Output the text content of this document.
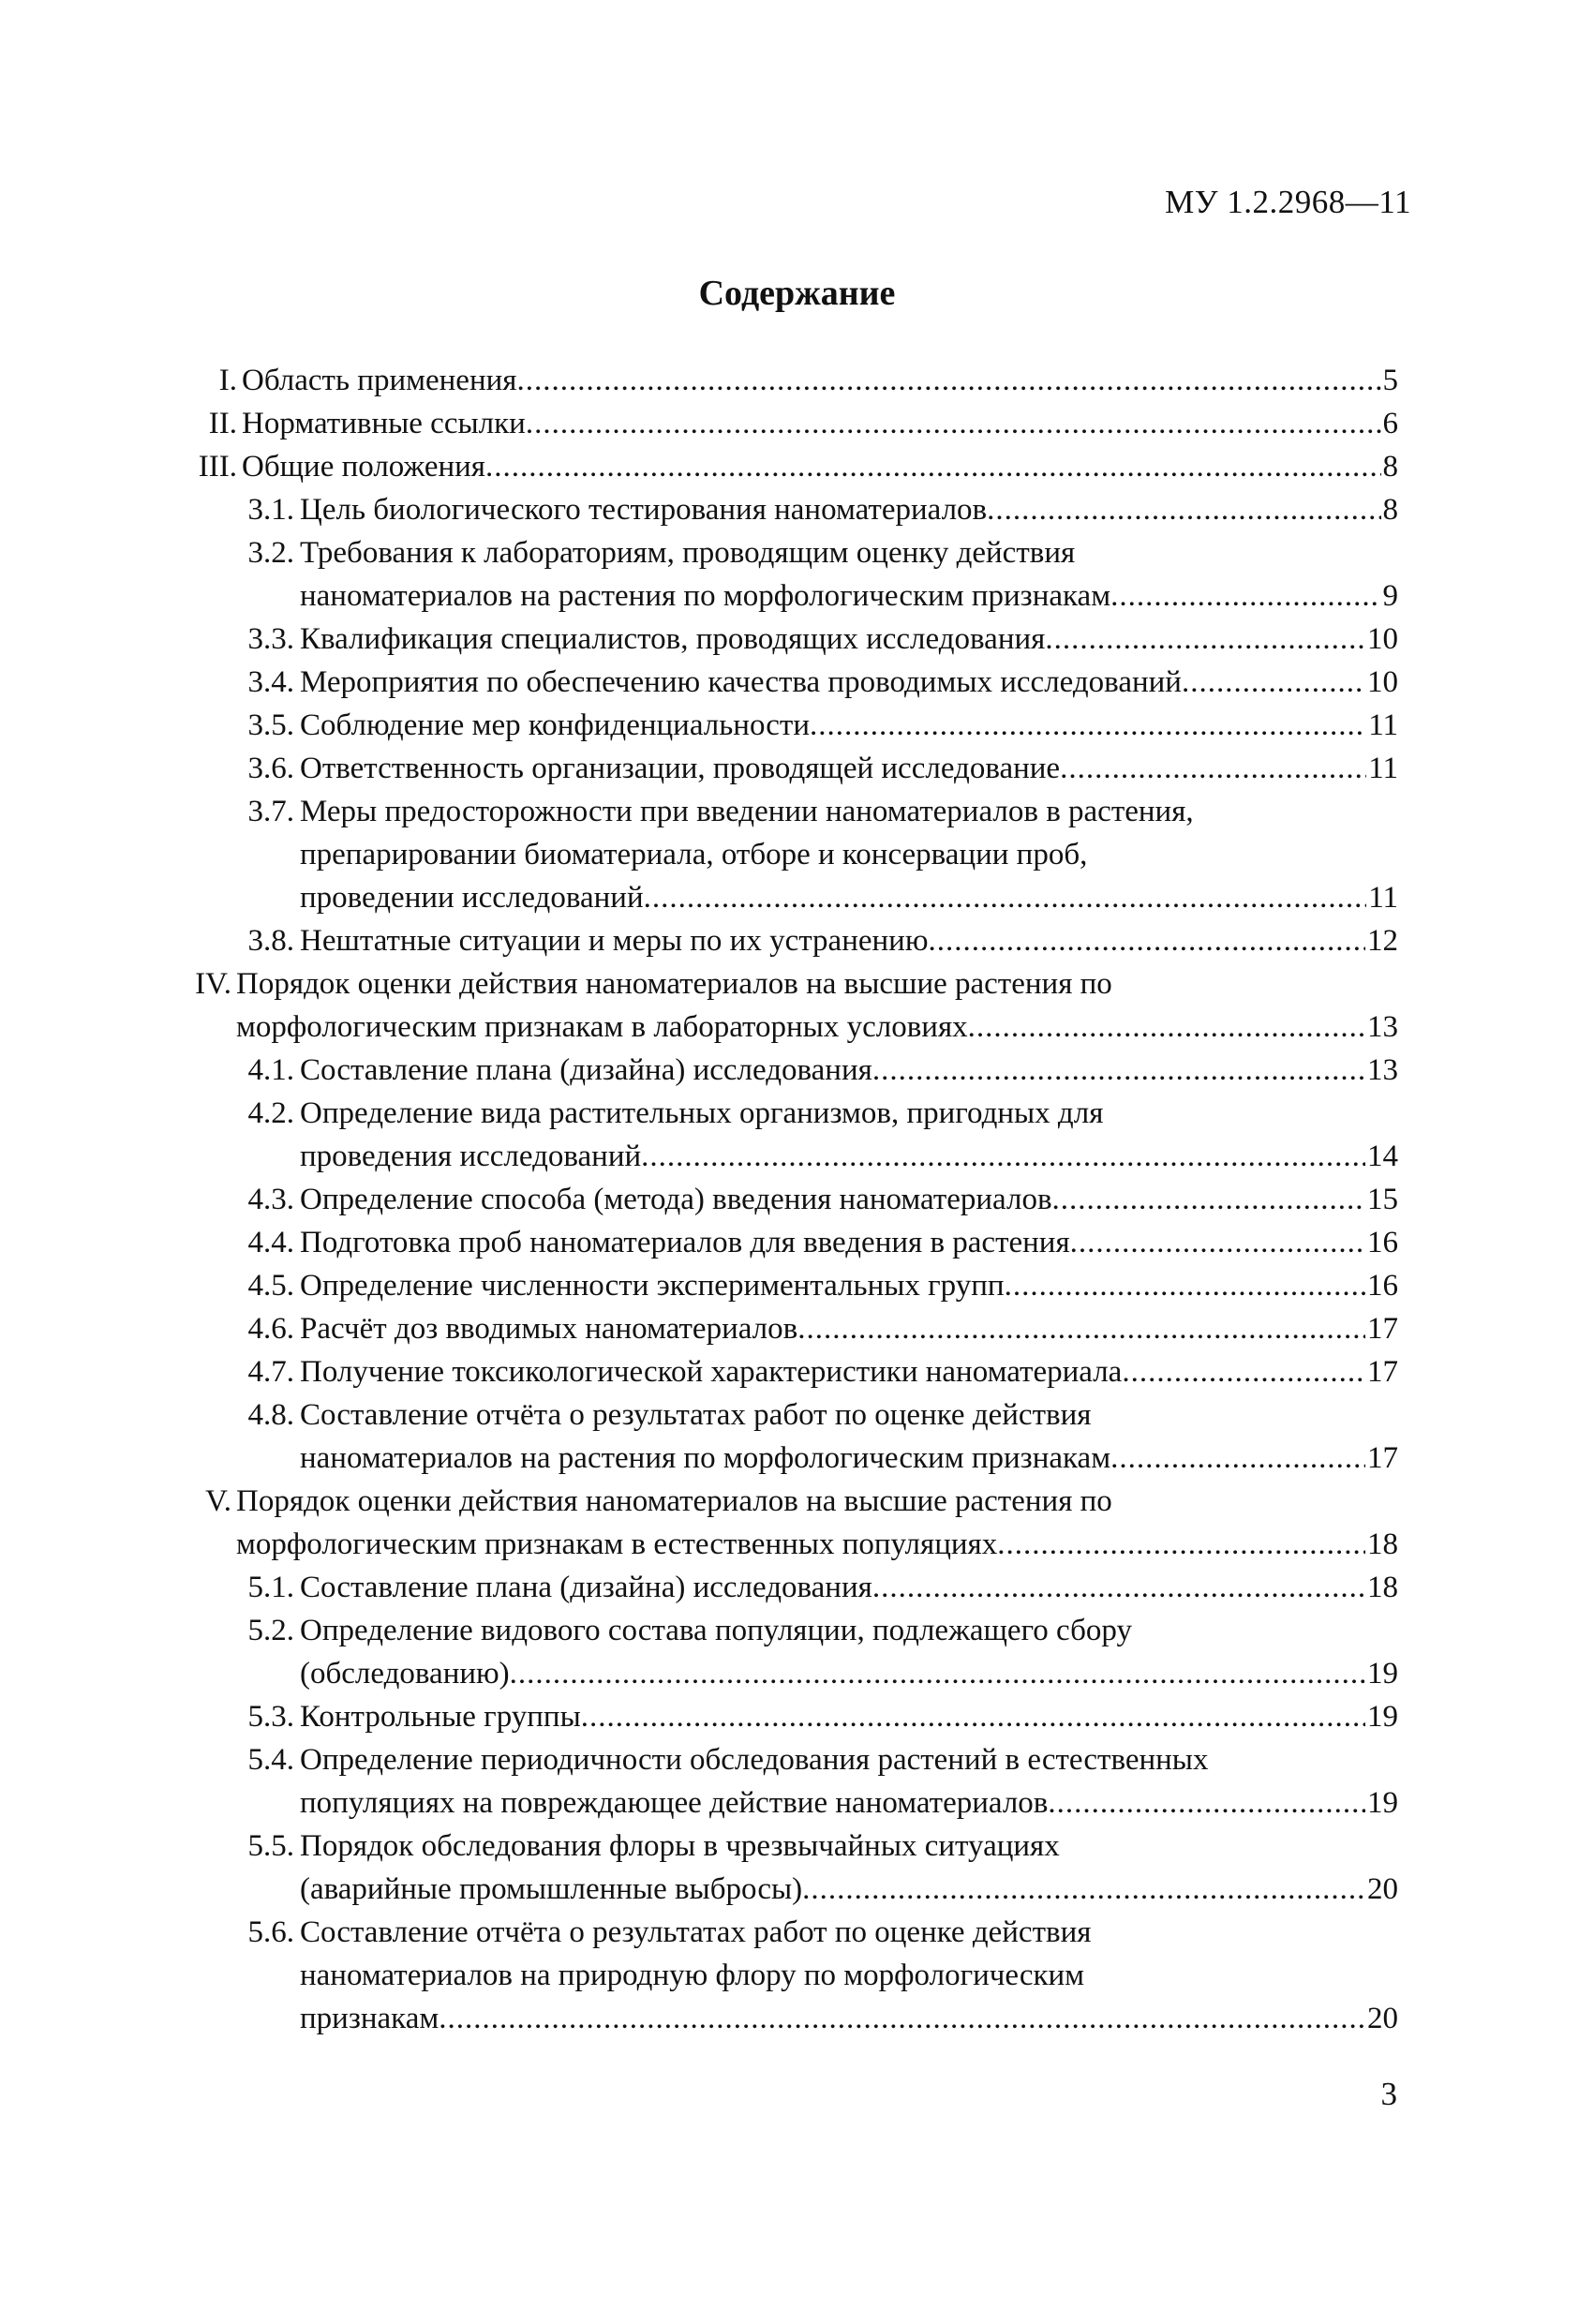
МУ 1.2.2968—11
Содержание
I. Область применения .....	5
II. Нормативные ссылки .....	6
III. Общие положения .....	8
3.1. Цель биологического тестирования наноматериалов .....	8
3.2. Требования к лабораториям, проводящим оценку действия
наноматериалов на растения по морфологическим признакам .....	9
3.3. Квалификация специалистов, проводящих исследования .....	10
3.4. Мероприятия по обеспечению качества проводимых исследований .....	10
3.5. Соблюдение мер конфиденциальности .....	11
3.6. Ответственность организации, проводящей исследование .....	11
3.7. Меры предосторожности при введении наноматериалов в растения,
препарировании биоматериала, отборе и консервации проб,
проведении исследований .....	11
3.8. Нештатные ситуации и меры по их устранению .....	12
IV. Порядок оценки действия наноматериалов на высшие растения по
морфологическим признакам в лабораторных условиях .....	13
4.1. Составление плана (дизайна) исследования .....	13
4.2. Определение вида растительных организмов, пригодных для
проведения исследований .....	14
4.3. Определение способа (метода) введения наноматериалов .....	15
4.4. Подготовка проб наноматериалов для введения в растения .....	16
4.5. Определение численности экспериментальных групп .....	16
4.6. Расчёт доз вводимых наноматериалов .....	17
4.7. Получение токсикологической характеристики наноматериала .....	17
4.8. Составление отчёта о результатах работ по оценке действия
наноматериалов на растения по морфологическим признакам .....	17
V. Порядок оценки действия наноматериалов на высшие растения по
морфологическим признакам в естественных популяциях .....	18
5.1. Составление плана (дизайна) исследования .....	18
5.2. Определение видового состава популяции, подлежащего сбору
(обследованию) .....	19
5.3. Контрольные группы .....	19
5.4. Определение периодичности обследования растений в естественных
популяциях на повреждающее действие наноматериалов .....	19
5.5. Порядок обследования флоры в чрезвычайных ситуациях
(аварийные промышленные выбросы) .....	20
5.6. Составление отчёта о результатах работ по оценке действия
наноматериалов на природную флору по морфологическим
признакам .....	20
3
